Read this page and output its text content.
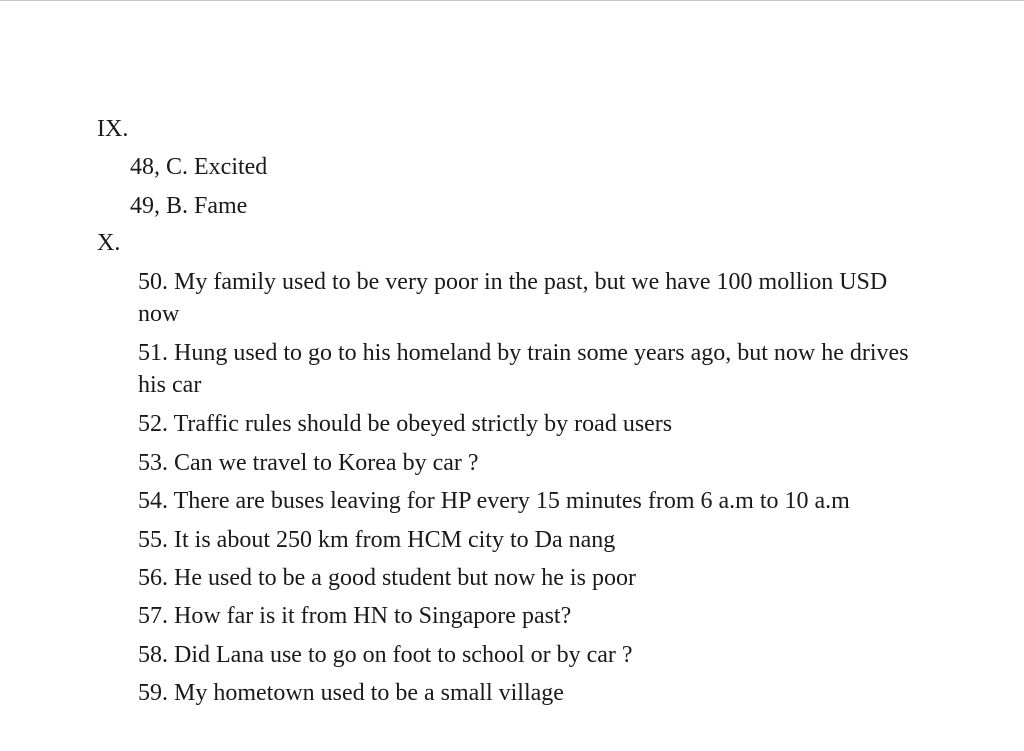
IX.
48, C. Excited
49, B. Fame
X.
50. My family used to be very poor in the past, but we have 100 mollion USD now
51. Hung used to go to his homeland by train some years ago, but now he drives his car
52. Traffic rules should be obeyed strictly by road users
53. Can we travel to Korea by car ?
54. There are buses leaving for HP every 15 minutes from 6 a.m to 10 a.m
55. It is about 250 km from HCM city to Da nang
56. He used to be a good student but now he is poor
57. How far is it from HN to Singapore past?
58. Did Lana use to go on foot to school or by car ?
59. My hometown used to be a small village
